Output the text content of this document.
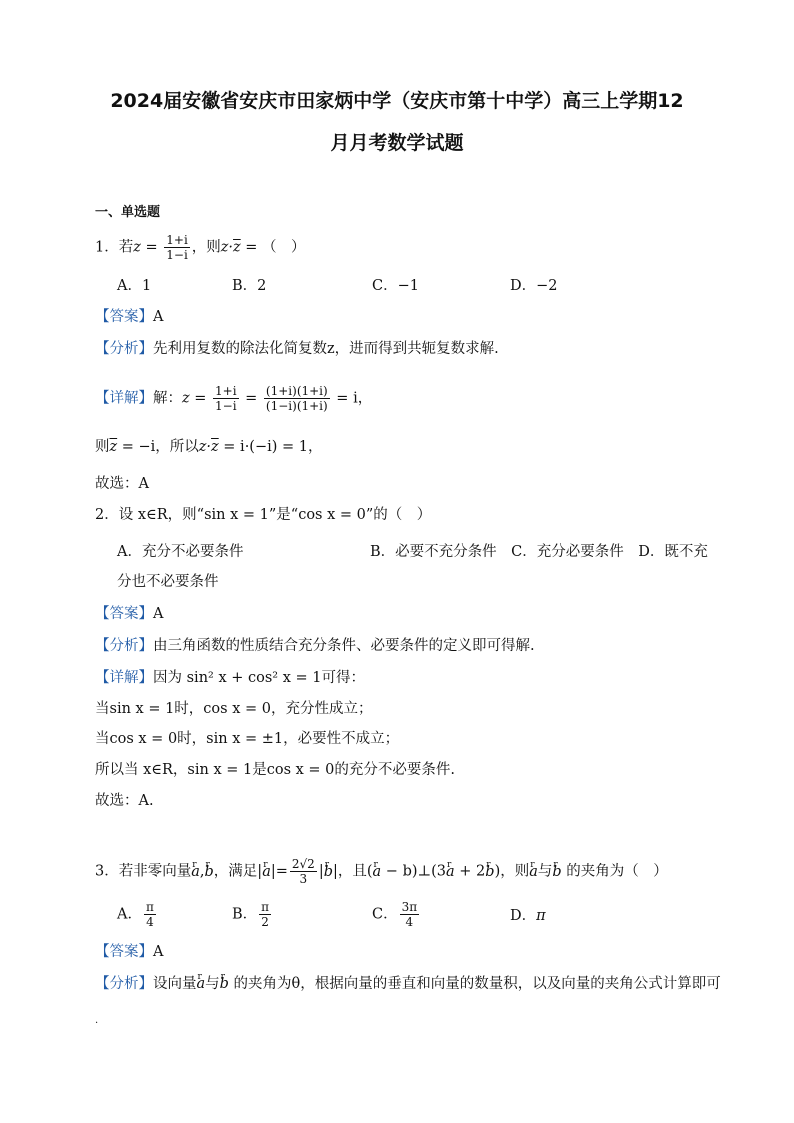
2024届安徽省安庆市田家炳中学（安庆市第十中学）高三上学期12
月月考数学试题
一、单选题
1．若$z = \frac{1+i}{1-i}$ ，则$z\cdot\overline{z}$ = （　）
A．1	B．2	C．−1	D．−2
【答案】A
【分析】先利用复数的除法化简复数z，进而得到共轭复数求解.
【详解】解：$z = \frac{1+i}{1-i} = \frac{(1+i)(1+i)}{(1-i)(1+i)} = i$，
则$\overline{z} = -i$，所以$z\cdot\overline{z} = i\cdot(-i) = 1$，
故选：A
2．设 x∈R，则“sin x = 1”是“cos x = 0”的（　）
A．充分不必要条件	B．必要不充分条件　C．充分必要条件　D．既不充
分也不必要条件
【答案】A
【分析】由三角函数的性质结合充分条件、必要条件的定义即可得解.
【详解】因为 sin² x + cos² x = 1可得：
当sin x = 1时，cos x = 0，充分性成立；
当cos x = 0时，sin x = ±1，必要性不成立；
所以当 x∈R，sin x = 1是cos x = 0的充分不必要条件.
故选：A.
3．若非零向量r a,r b，满足|r $a|= \frac{2√2}{3} |r$ b|，且(r a − b)⊥(3r a + 2r b)，则r a与r b 的夹角为（　）
A． $\frac{\pi}{4}$	B． $\frac{\pi}{2}$	C． $\frac{3\pi}{4}$	D．π
【答案】A
【分析】设向量r a与r b 的夹角为θ，根据向量的垂直和向量的数量积，以及向量的夹角公式计算即可
.
